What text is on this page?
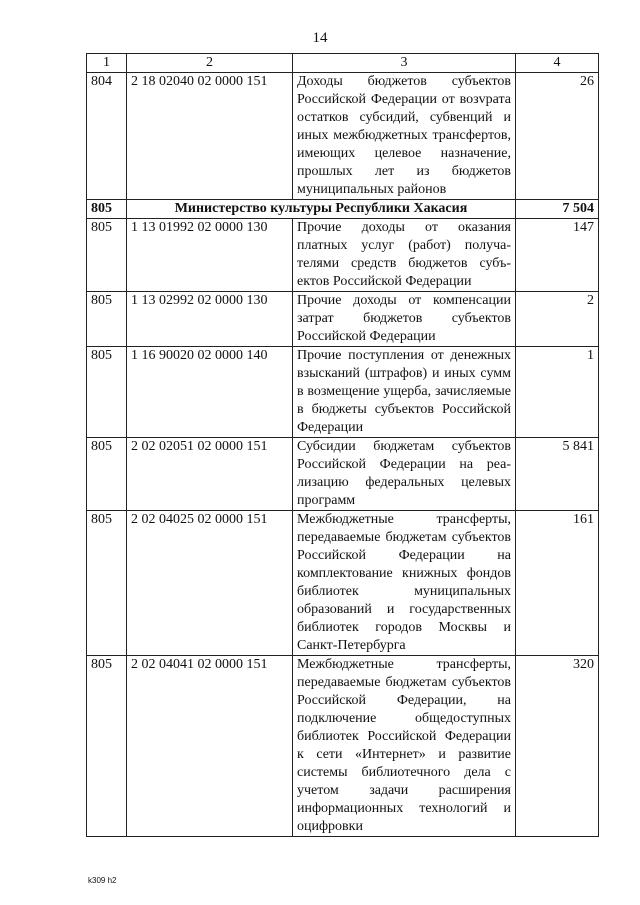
14
1	2	3	4
804	2 18 02040 02 0000 151	Доходы бюджетов субъектов Российской Федерации от возvрата остатков субсидий, субвенций и иных межбюджетных трансфертов, имеющих целевое назначение, прошлых лет из бюджетов муниципальных районов	26
805	Министерство культуры Республики Хакасия		7 504
805	1 13 01992 02 0000 130	Прочие доходы от оказания платных услуг (работ) получателями средств бюджетов субъектов Российской Федерации	147
805	1 13 02992 02 0000 130	Прочие доходы от компенсации затрат бюджетов субъектов Российской Федерации	2
805	1 16 90020 02 0000 140	Прочие поступления от денежных взысканий (штрафов) и иных сумм в возмещение ущерба, зачисляемые в бюджеты субъектов Российской Федерации	1
805	2 02 02051 02 0000 151	Субсидии бюджетам субъектов Российской Федерации на реализацию федеральных целевых программ	5 841
805	2 02 04025 02 0000 151	Межбюджетные трансферты, передаваемые бюджетам субъектов Российской Федерации на комплектование книжных фондов библиотек муниципальных образований и государственных библиотек городов Москвы и Санкт-Петербурга	161
805	2 02 04041 02 0000 151	Межбюджетные трансферты, передаваемые бюджетам субъектов Российской Федерации, на подключение общедоступных библиотек Российской Федерации к сети «Интернет» и развитие системы библиотечного дела с учетом задачи расширения информационных технологий и оцифровки	320
k309 h2
